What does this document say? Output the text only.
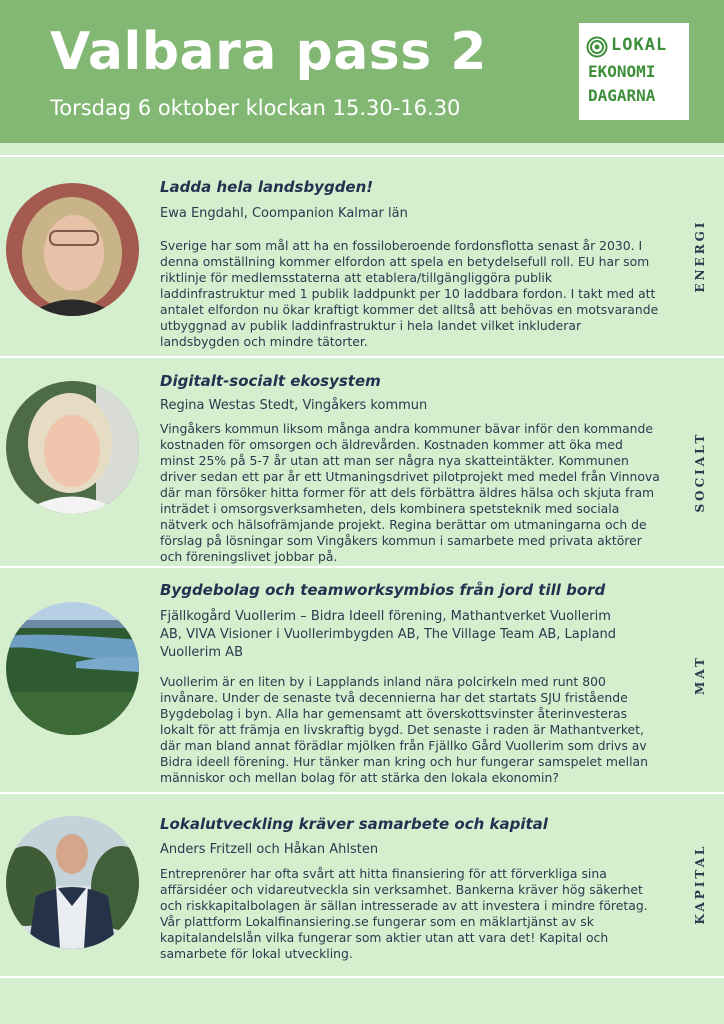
Valbara pass 2
Torsdag 6 oktober klockan 15.30-16.30
LOKAL
EKONOMI
DAGARNA
Ladda hela landsbygden!
Ewa Engdahl, Coompanion Kalmar län
Sverige har som mål att ha en fossiloberoende fordonsflotta senast år 2030. I denna omställning kommer elfordon att spela en betydelsefull roll. EU har som riktlinje för medlemsstaterna att etablera/tillgängliggöra publik laddinfrastruktur med 1 publik laddpunkt per 10 laddbara fordon. I takt med att antalet elfordon nu ökar kraftigt kommer det alltså att behövas en motsvarande utbyggnad av publik laddinfrastruktur i hela landet vilket inkluderar landsbygden och mindre tätorter.
ENERGI
Digitalt-socialt ekosystem
Regina Westas Stedt, Vingåkers kommun
Vingåkers kommun liksom många andra kommuner bävar inför den kommande kostnaden för omsorgen och äldrevården. Kostnaden kommer att öka med minst 25% på 5-7 år utan att man ser några nya skatteintäkter. Kommunen driver sedan ett par år ett Utmaningsdrivet pilotprojekt med medel från Vinnova där man försöker hitta former för att dels förbättra äldres hälsa och skjuta fram inträdet i omsorgsverksamheten, dels kombinera spetsteknik med sociala nätverk och hälsofrämjande projekt. Regina berättar om utmaningarna och de förslag på lösningar som Vingåkers kommun i samarbete med privata aktörer och föreningslivet jobbar på.
SOCIALT
Bygdebolag och teamworksymbios från jord till bord
Fjällkogård Vuollerim – Bidra Ideell förening, Mathantverket Vuollerim AB, VIVA Visioner i Vuollerimbygden AB, The Village Team AB, Lapland Vuollerim AB
Vuollerim är en liten by i Lapplands inland nära polcirkeln med runt 800 invånare. Under de senaste två decennierna har det startats SJU fristående Bygdebolag i byn. Alla har gemensamt att överskottsvinster återinvesteras lokalt för att främja en livskraftig bygd. Det senaste i raden är Mathantverket, där man bland annat förädlar mjölken från Fjällko Gård Vuollerim som drivs av Bidra ideell förening. Hur tänker man kring och hur fungerar samspelet mellan människor och mellan bolag för att stärka den lokala ekonomin?
MAT
Lokalutveckling kräver samarbete och kapital
Anders Fritzell och Håkan Ahlsten
Entreprenörer har ofta svårt att hitta finansiering för att förverkliga sina affärsidéer och vidareutveckla sin verksamhet. Bankerna kräver hög säkerhet och riskkapitalbolagen är sällan intresserade av att investera i mindre företag. Vår plattform Lokalfinansiering.se fungerar som en mäklartjänst av sk kapitalandelslån vilka fungerar som aktier utan att vara det! Kapital och samarbete för lokal utveckling.
KAPITAL
